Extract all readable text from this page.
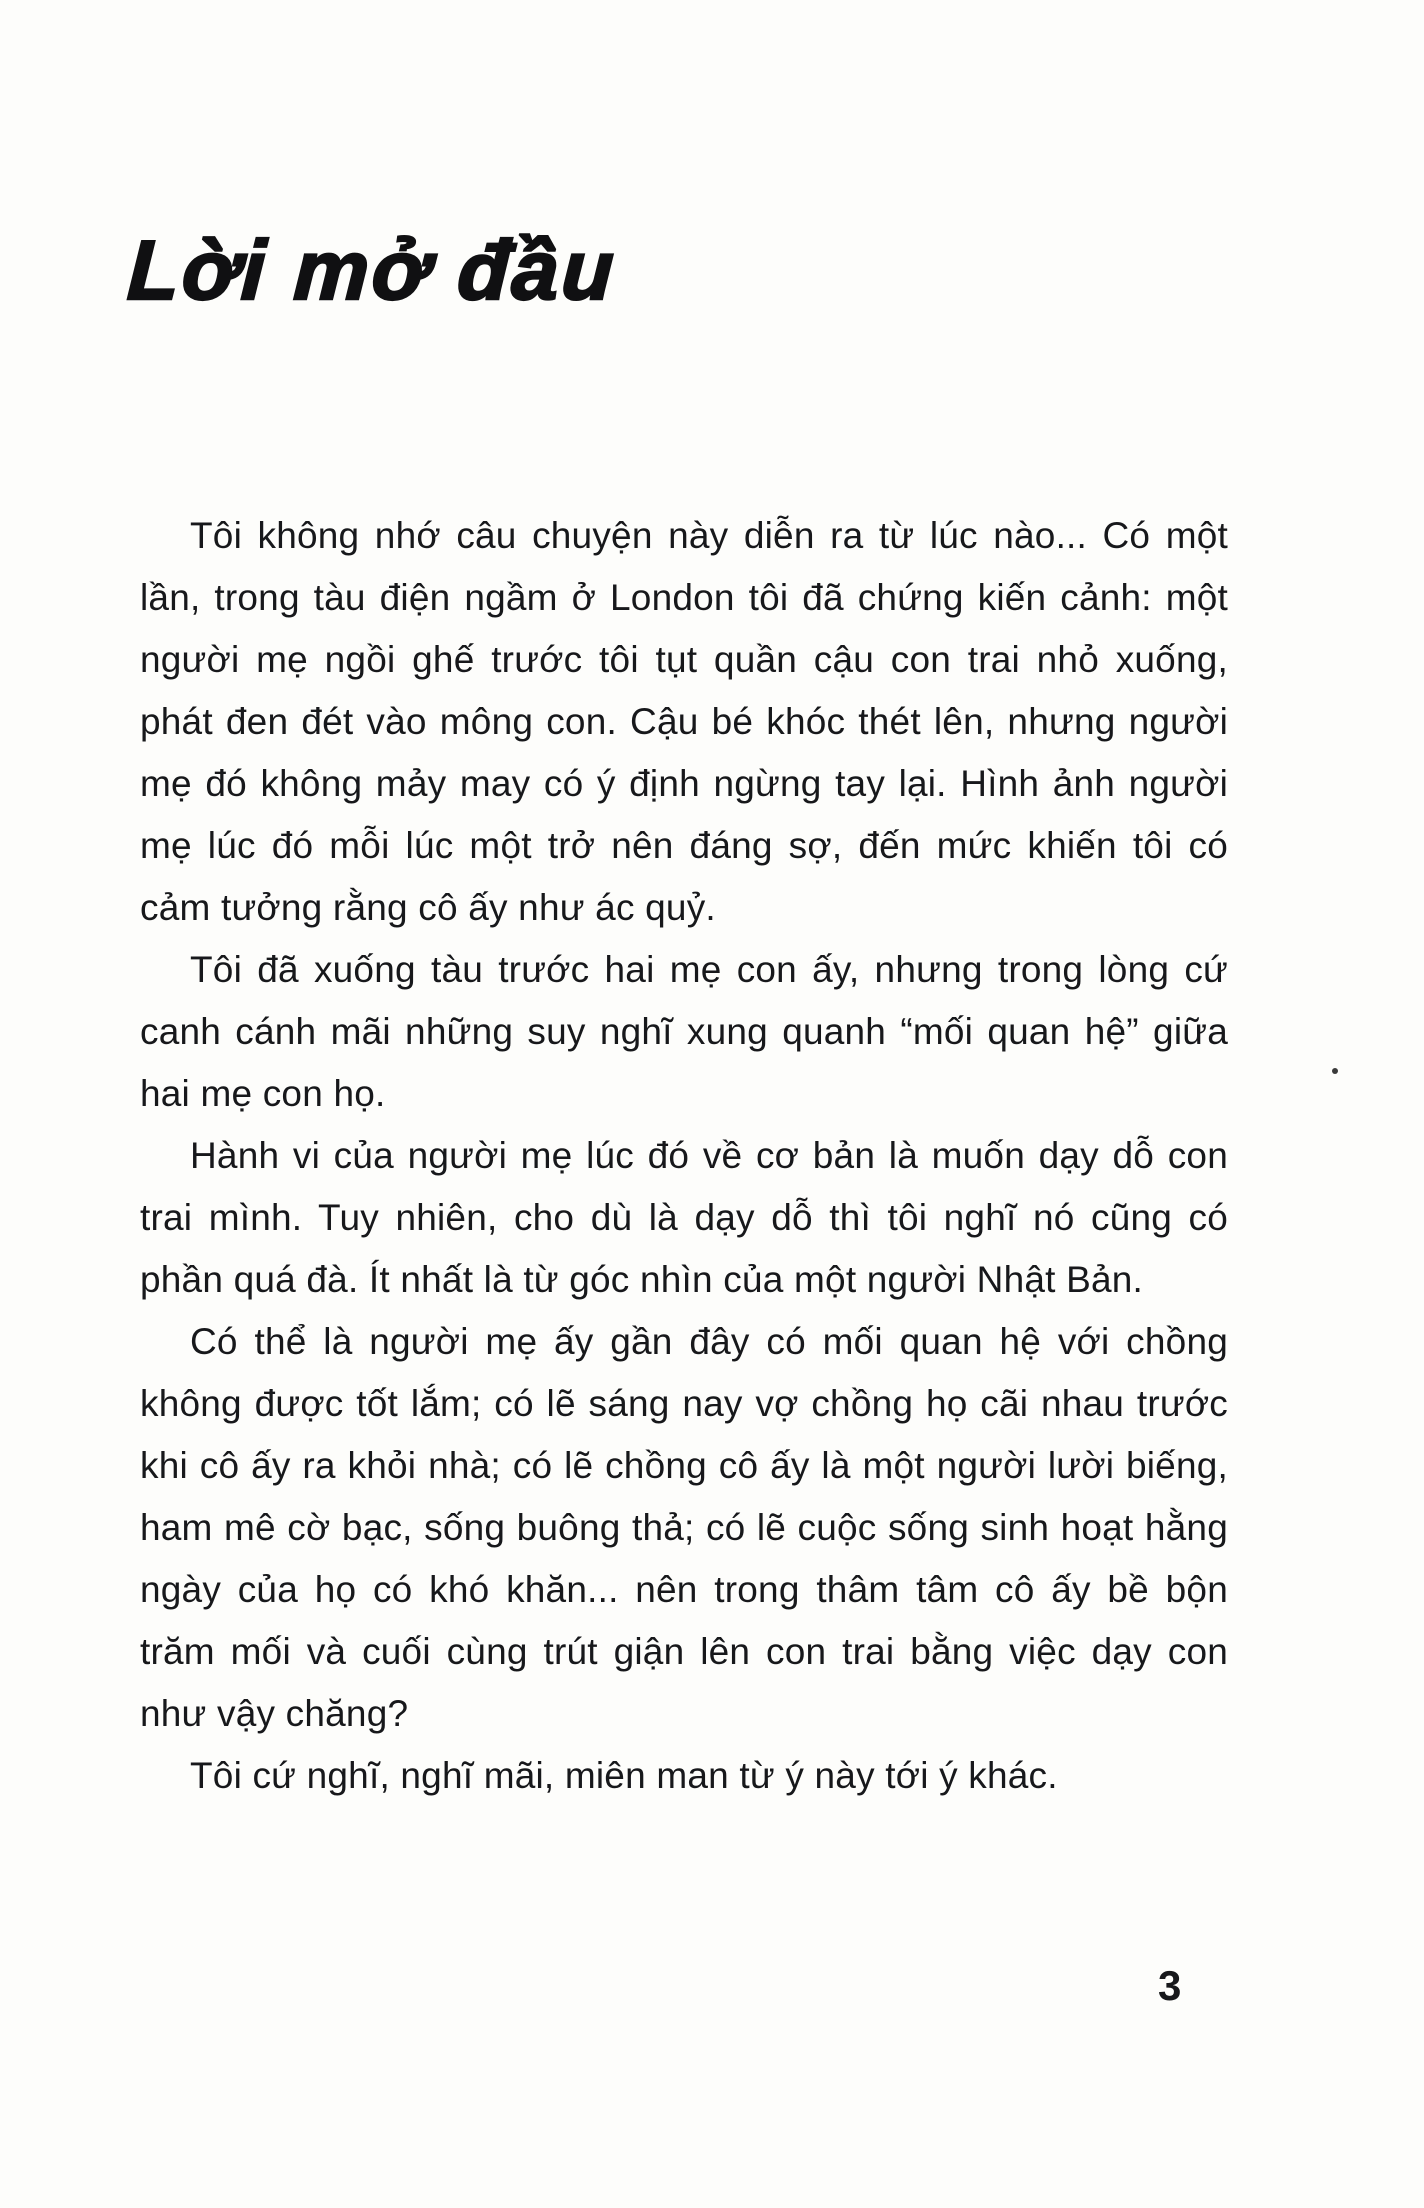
Lời mở đầu

Tôi không nhớ câu chuyện này diễn ra từ lúc nào... Có một lần, trong tàu điện ngầm ở London tôi đã chứng kiến cảnh: một người mẹ ngồi ghế trước tôi tụt quần cậu con trai nhỏ xuống, phát đen đét vào mông con. Cậu bé khóc thét lên, nhưng người mẹ đó không mảy may có ý định ngừng tay lại. Hình ảnh người mẹ lúc đó mỗi lúc một trở nên đáng sợ, đến mức khiến tôi có cảm tưởng rằng cô ấy như ác quỷ.

Tôi đã xuống tàu trước hai mẹ con ấy, nhưng trong lòng cứ canh cánh mãi những suy nghĩ xung quanh “mối quan hệ” giữa hai mẹ con họ.

Hành vi của người mẹ lúc đó về cơ bản là muốn dạy dỗ con trai mình. Tuy nhiên, cho dù là dạy dỗ thì tôi nghĩ nó cũng có phần quá đà. Ít nhất là từ góc nhìn của một người Nhật Bản.

Có thể là người mẹ ấy gần đây có mối quan hệ với chồng không được tốt lắm; có lẽ sáng nay vợ chồng họ cãi nhau trước khi cô ấy ra khỏi nhà; có lẽ chồng cô ấy là một người lười biếng, ham mê cờ bạc, sống buông thả; có lẽ cuộc sống sinh hoạt hằng ngày của họ có khó khăn... nên trong thâm tâm cô ấy bề bộn trăm mối và cuối cùng trút giận lên con trai bằng việc dạy con như vậy chăng?

Tôi cứ nghĩ, nghĩ mãi, miên man từ ý này tới ý khác.

3
